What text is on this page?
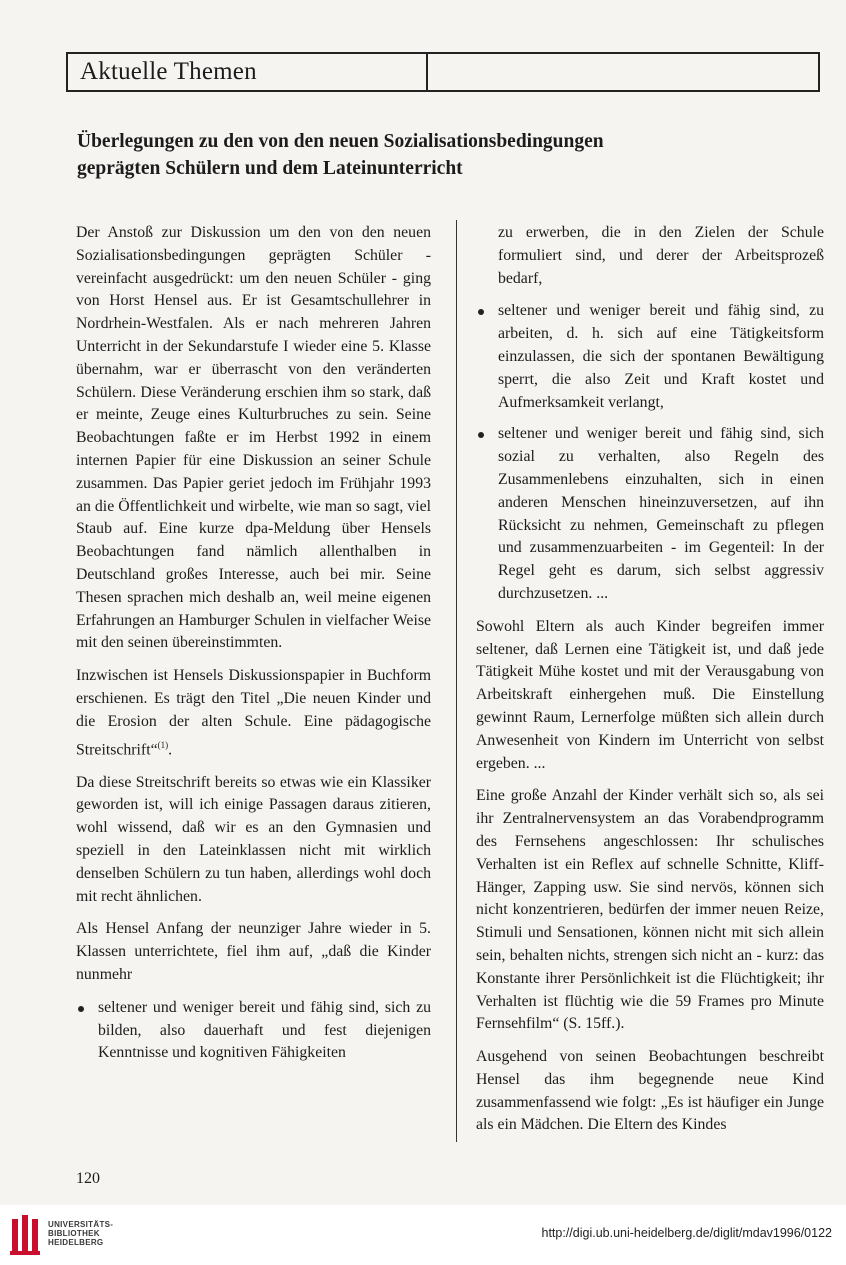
Aktuelle Themen
Überlegungen zu den von den neuen Sozialisationsbedingungen
geprägten Schülern und dem Lateinunterricht

Der Anstoß zur Diskussion um den von den neuen Sozialisationsbedingungen geprägten Schüler - vereinfacht ausgedrückt: um den neuen Schüler - ging von Horst Hensel aus. Er ist Gesamtschullehrer in Nordrhein-Westfalen. Als er nach mehreren Jahren Unterricht in der Sekundarstufe I wieder eine 5. Klasse übernahm, war er überrascht von den veränderten Schülern. Diese Veränderung erschien ihm so stark, daß er meinte, Zeuge eines Kulturbruches zu sein. Seine Beobachtungen faßte er im Herbst 1992 in einem internen Papier für eine Diskussion an seiner Schule zusammen. Das Papier geriet jedoch im Frühjahr 1993 an die Öffentlichkeit und wirbelte, wie man so sagt, viel Staub auf. Eine kurze dpa-Meldung über Hensels Beobachtungen fand nämlich allenthalben in Deutschland großes Interesse, auch bei mir. Seine Thesen sprachen mich deshalb an, weil meine eigenen Erfahrungen an Hamburger Schulen in vielfacher Weise mit den seinen übereinstimmten.

Inzwischen ist Hensels Diskussionspapier in Buchform erschienen. Es trägt den Titel „Die neuen Kinder und die Erosion der alten Schule. Eine pädagogische Streitschrift“$^{(1)}$.

Da diese Streitschrift bereits so etwas wie ein Klassiker geworden ist, will ich einige Passagen daraus zitieren, wohl wissend, daß wir es an den Gymnasien und speziell in den Lateinklassen nicht mit wirklich denselben Schülern zu tun haben, allerdings wohl doch mit recht ähnlichen.

Als Hensel Anfang der neunziger Jahre wieder in 5. Klassen unterrichtete, fiel ihm auf, „daß die Kinder nunmehr

seltener und weniger bereit und fähig sind, sich zu bilden, also dauerhaft und fest diejenigen Kenntnisse und kognitiven Fähigkeiten

zu erwerben, die in den Zielen der Schule formuliert sind, und derer der Arbeitsprozeß bedarf,

seltener und weniger bereit und fähig sind, zu arbeiten, d. h. sich auf eine Tätigkeitsform einzulassen, die sich der spontanen Bewältigung sperrt, die also Zeit und Kraft kostet und Aufmerksamkeit verlangt,
seltener und weniger bereit und fähig sind, sich sozial zu verhalten, also Regeln des Zusammenlebens einzuhalten, sich in einen anderen Menschen hineinzuversetzen, auf ihn Rücksicht zu nehmen, Gemeinschaft zu pflegen und zusammenzuarbeiten - im Gegenteil: In der Regel geht es darum, sich selbst aggressiv durchzusetzen. ...

Sowohl Eltern als auch Kinder begreifen immer seltener, daß Lernen eine Tätigkeit ist, und daß jede Tätigkeit Mühe kostet und mit der Verausgabung von Arbeitskraft einhergehen muß. Die Einstellung gewinnt Raum, Lernerfolge müßten sich allein durch Anwesenheit von Kindern im Unterricht von selbst ergeben. ...

Eine große Anzahl der Kinder verhält sich so, als sei ihr Zentralnervensystem an das Vorabendprogramm des Fernsehens angeschlossen: Ihr schulisches Verhalten ist ein Reflex auf schnelle Schnitte, Kliff-Hänger, Zapping usw. Sie sind nervös, können sich nicht konzentrieren, bedürfen der immer neuen Reize, Stimuli und Sensationen, können nicht mit sich allein sein, behalten nichts, strengen sich nicht an - kurz: das Konstante ihrer Persönlichkeit ist die Flüchtigkeit; ihr Verhalten ist flüchtig wie die 59 Frames pro Minute Fernsehfilm“ (S. 15ff.).

Ausgehend von seinen Beobachtungen beschreibt Hensel das ihm begegnende neue Kind zusammenfassend wie folgt: „Es ist häufiger ein Junge als ein Mädchen. Die Eltern des Kindes

120
UNIVERSITÄTS-
BIBLIOTHEK
HEIDELBERG
http://digi.ub.uni-heidelberg.de/diglit/mdav1996/0122
